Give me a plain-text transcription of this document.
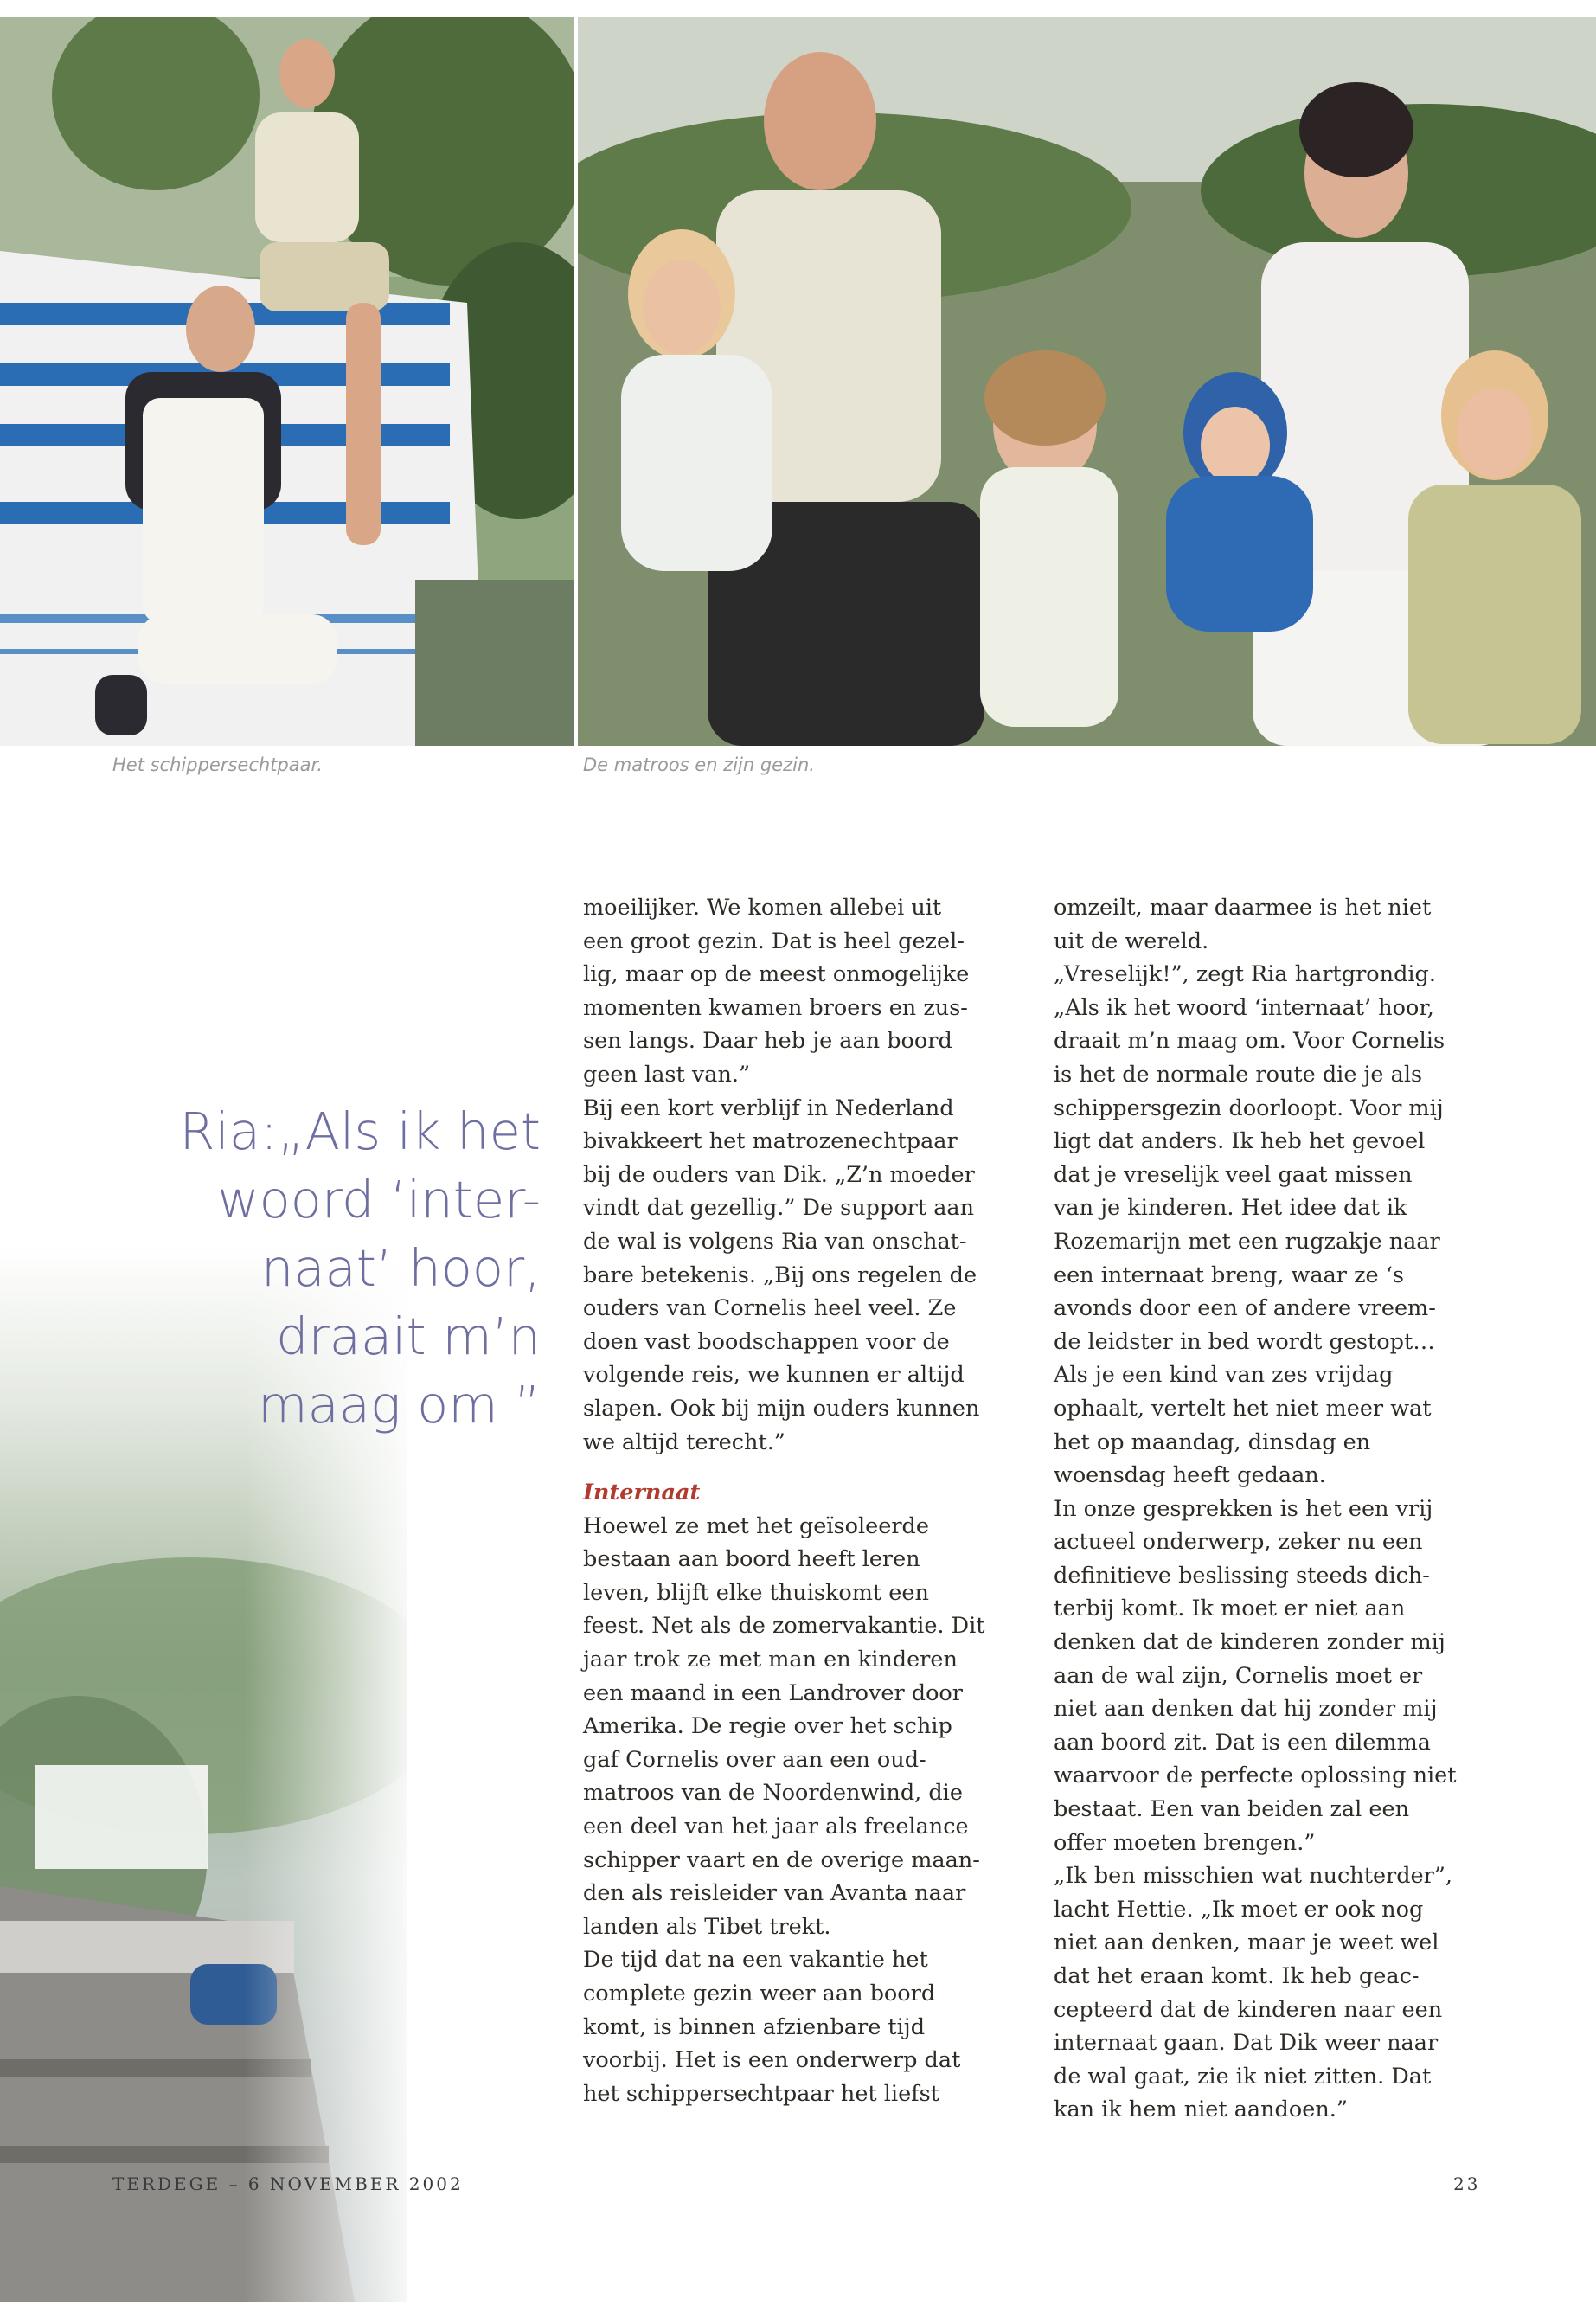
Het schippersechtpaar.	De matroos en zijn gezin.
Ria:„Als ik het
woord ‘inter-
naat’ hoor,
draait m’n
maag om ”
moeilijker. We komen allebei uit
een groot gezin. Dat is heel gezel-
lig, maar op de meest onmogelijke
momenten kwamen broers en zus-
sen langs. Daar heb je aan boord
geen last van.”
Bij een kort verblijf in Nederland
bivakkeert het matrozenechtpaar
bij de ouders van Dik. „Z’n moeder
vindt dat gezellig.” De support aan
de wal is volgens Ria van onschat-
bare betekenis. „Bij ons regelen de
ouders van Cornelis heel veel. Ze
doen vast boodschappen voor de
volgende reis, we kunnen er altijd
slapen. Ook bij mijn ouders kunnen
we altijd terecht.”
Internaat
Hoewel ze met het geïsoleerde
bestaan aan boord heeft leren
leven, blijft elke thuiskomt een
feest. Net als de zomervakantie. Dit
jaar trok ze met man en kinderen
een maand in een Landrover door
Amerika. De regie over het schip
gaf Cornelis over aan een oud-
matroos van de Noordenwind, die
een deel van het jaar als freelance
schipper vaart en de overige maan-
den als reisleider van Avanta naar
landen als Tibet trekt.
De tijd dat na een vakantie het
complete gezin weer aan boord
komt, is binnen afzienbare tijd
voorbij. Het is een onderwerp dat
het schippersechtpaar het liefst
omzeilt, maar daarmee is het niet
uit de wereld.
„Vreselijk!”, zegt Ria hartgrondig.
„Als ik het woord ‘internaat’ hoor,
draait m’n maag om. Voor Cornelis
is het de normale route die je als
schippersgezin doorloopt. Voor mij
ligt dat anders. Ik heb het gevoel
dat je vreselijk veel gaat missen
van je kinderen. Het idee dat ik
Rozemarijn met een rugzakje naar
een internaat breng, waar ze ‘s
avonds door een of andere vreem-
de leidster in bed wordt gestopt…
Als je een kind van zes vrijdag
ophaalt, vertelt het niet meer wat
het op maandag, dinsdag en
woensdag heeft gedaan.
In onze gesprekken is het een vrij
actueel onderwerp, zeker nu een
definitieve beslissing steeds dich-
terbij komt. Ik moet er niet aan
denken dat de kinderen zonder mij
aan de wal zijn, Cornelis moet er
niet aan denken dat hij zonder mij
aan boord zit. Dat is een dilemma
waarvoor de perfecte oplossing niet
bestaat. Een van beiden zal een
offer moeten brengen.”
„Ik ben misschien wat nuchterder”,
lacht Hettie. „Ik moet er ook nog
niet aan denken, maar je weet wel
dat het eraan komt. Ik heb geac-
cepteerd dat de kinderen naar een
internaat gaan. Dat Dik weer naar
de wal gaat, zie ik niet zitten. Dat
kan ik hem niet aandoen.”
TERDEGE – 6 NOVEMBER 2002	23
